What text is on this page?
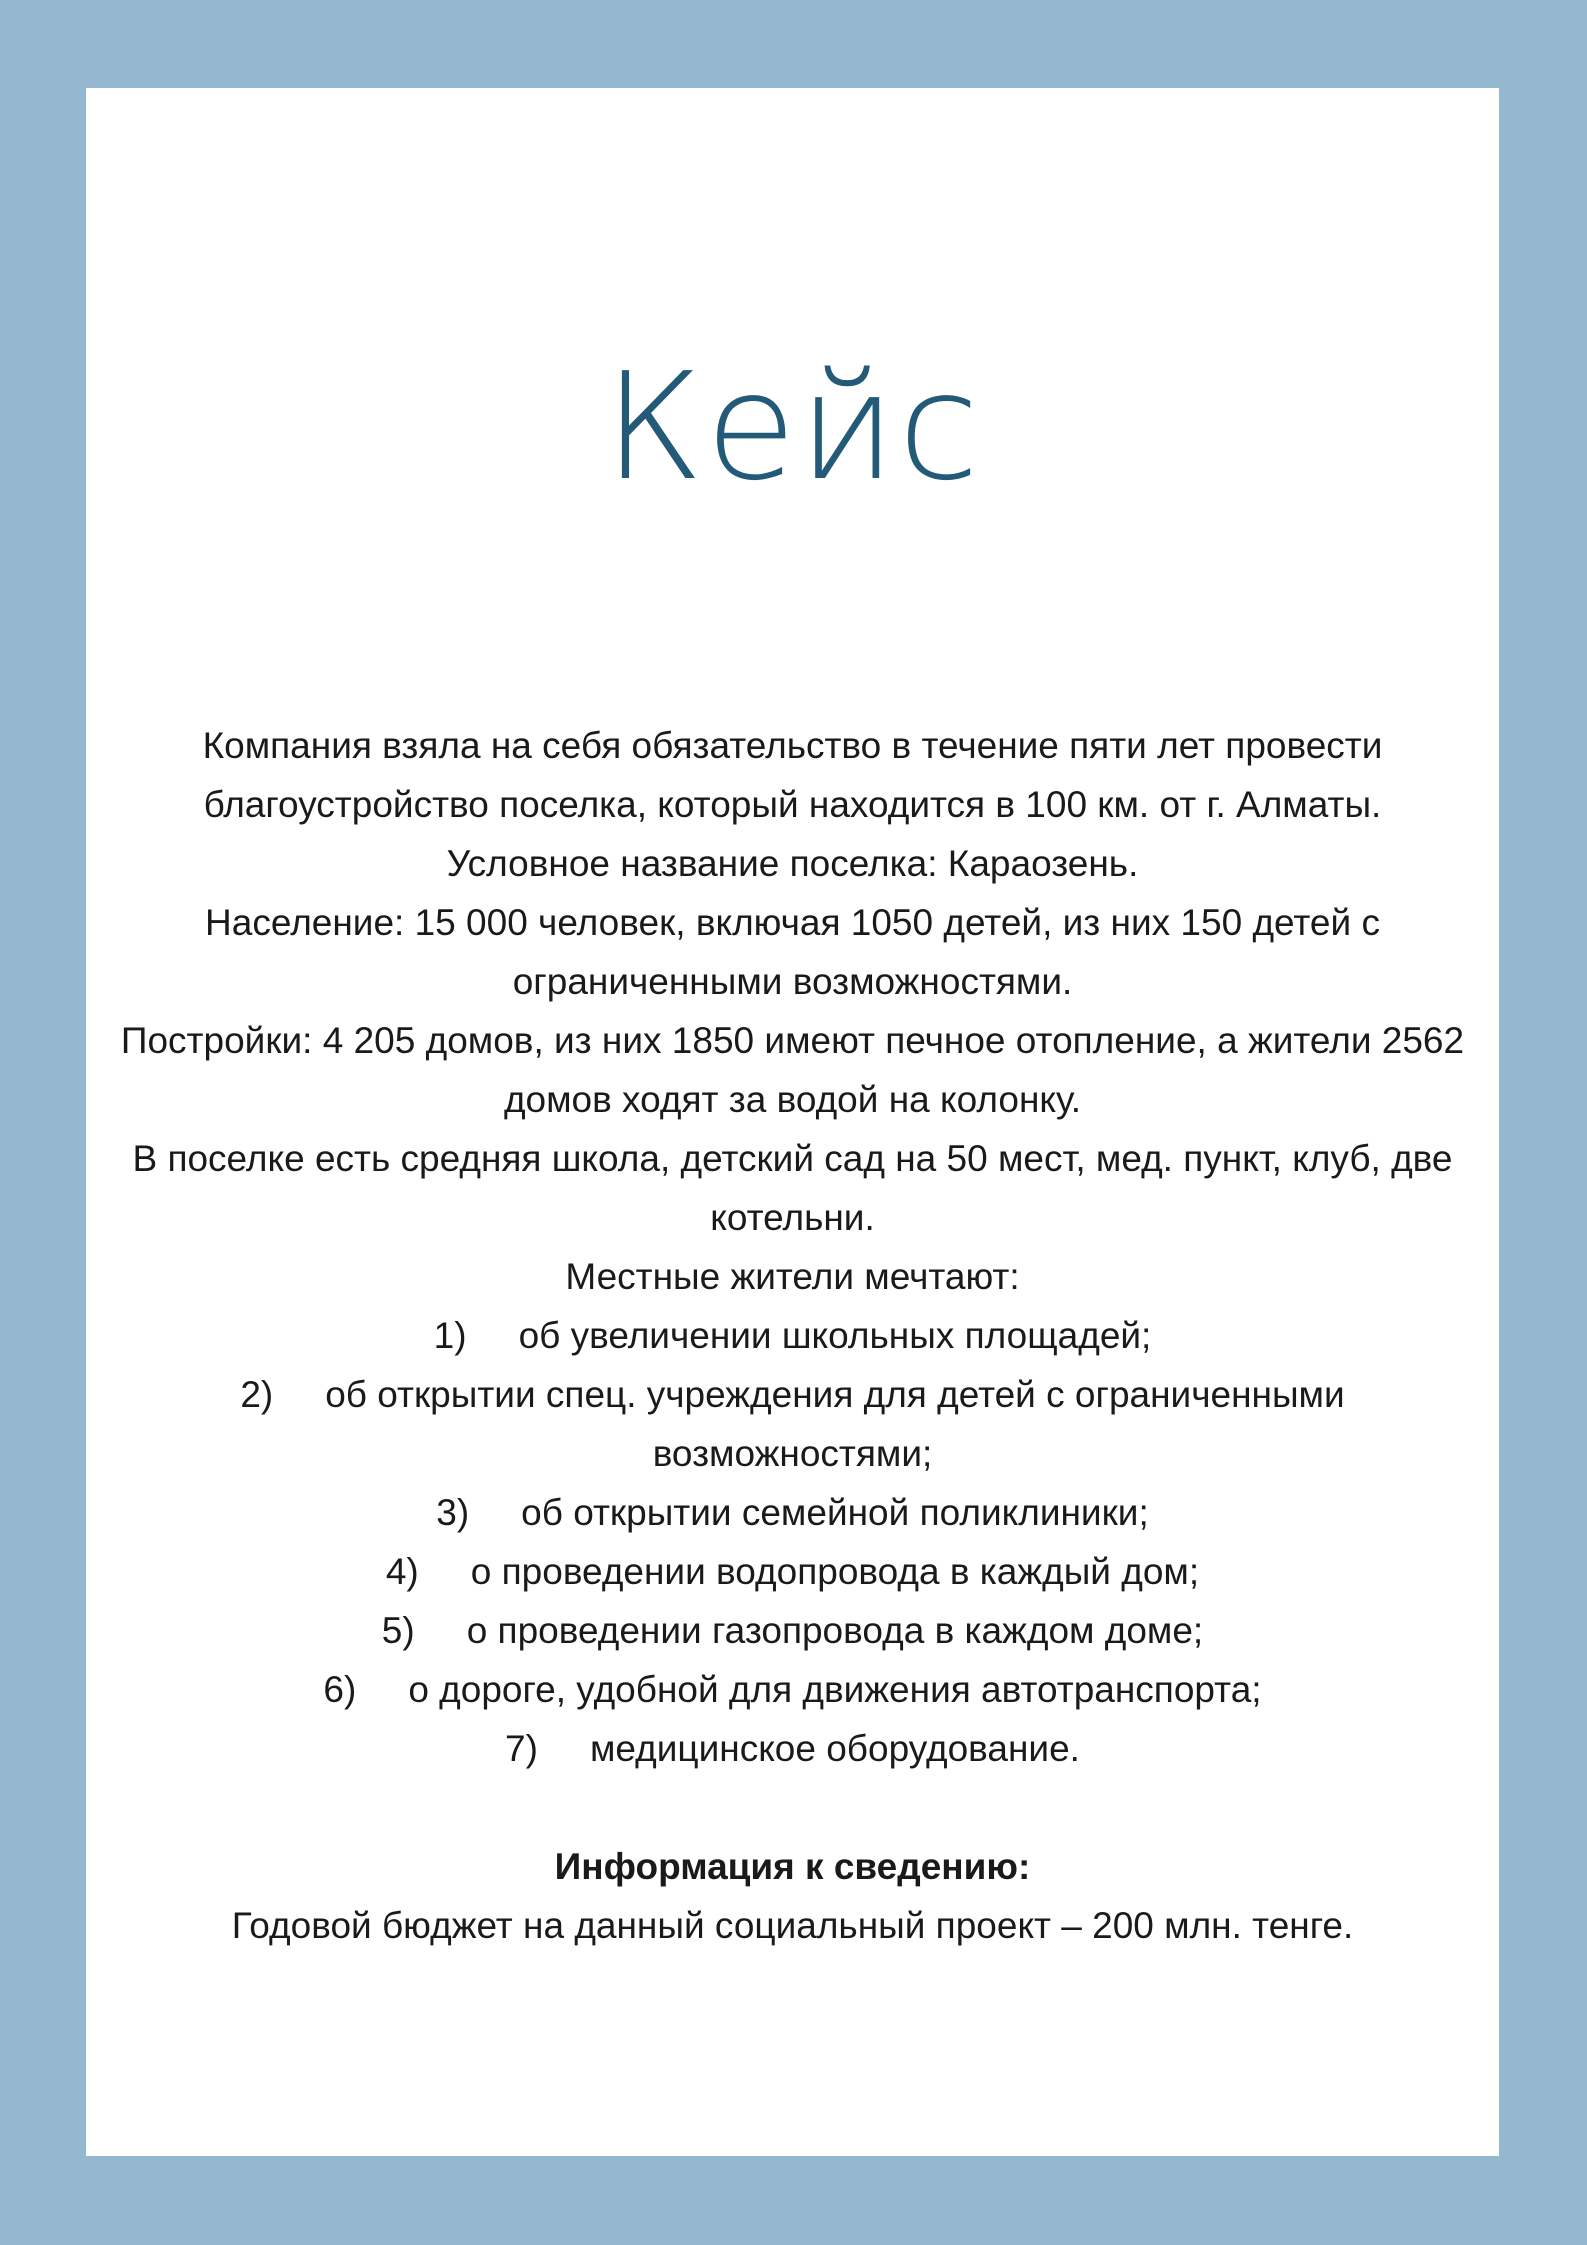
Кейс

Компания взяла на себя обязательство в течение пяти лет провести благоустройство поселка, который находится в 100 км. от г. Алматы.

Условное название поселка: Караозень.

Население: 15 000 человек, включая 1050 детей, из них 150 детей с ограниченными возможностями.

Постройки: 4 205 домов, из них 1850 имеют печное отопление, а жители 2562 домов ходят за водой на колонку.

В поселке есть средняя школа, детский сад на 50 мест, мед. пункт, клуб, две котельни.

Местные жители мечтают:

1) об увеличении школьных площадей;
2) об открытии спец. учреждения для детей с ограниченными возможностями;
3) об открытии семейной поликлиники;
4) о проведении водопровода в каждый дом;
5) о проведении газопровода в каждом доме;
6) о дороге, удобной для движения автотранспорта;
7) медицинское оборудование.

Информация к сведению:

Годовой бюджет на данный социальный проект – 200 млн. тенге.
